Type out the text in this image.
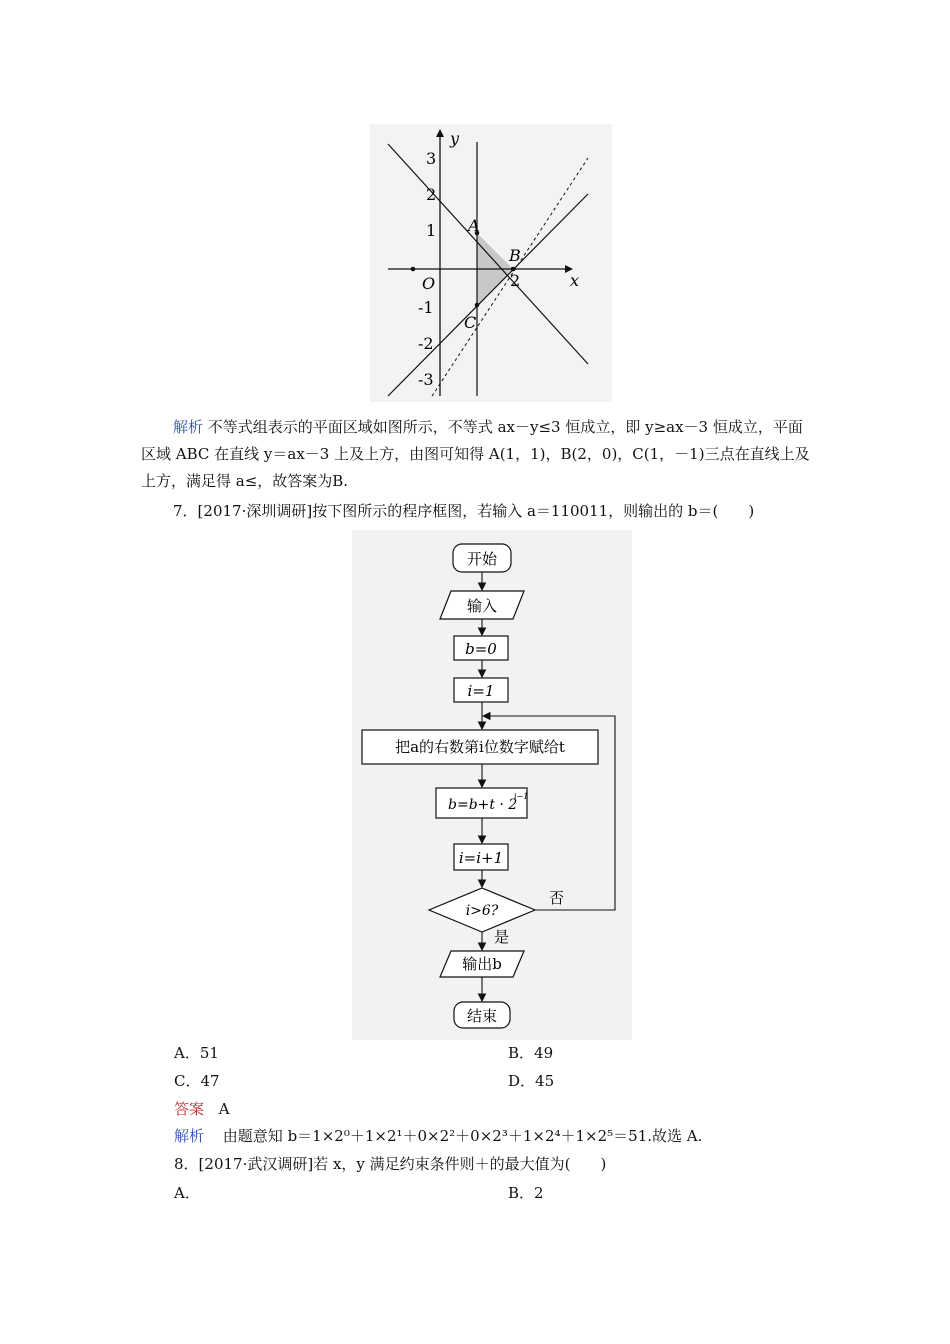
y
x
O
3
2
1
-1
-2
-3
2
A
B
C
解析 不等式组表示的平面区域如图所示，不等式 ax－y≤3 恒成立，即 y≥ax－3 恒成立，平面区域 ABC 在直线 y＝ax－3 上及上方，由图可知得 A(1，1)，B(2，0)，C(1，－1)三点在直线上及上方，满足得 a≤，故答案为B.
7．[2017·深圳调研]按下图所示的程序框图，若输入 a＝110011，则输出的 b＝(　　)
开始
输入
b=0
i=1
把a的右数第i位数字赋给t
b=b+t · 2
i−1
i=i+1
i>6?
否
是
输出b
结束
A．51	B．49
C．47	D．45
答案 A
解析 由题意知 b＝1×2⁰＋1×2¹＋0×2²＋0×2³＋1×2⁴＋1×2⁵＝51.故选 A.
8．[2017·武汉调研]若 x，y 满足约束条件则＋的最大值为(　　)
A．	B．2
